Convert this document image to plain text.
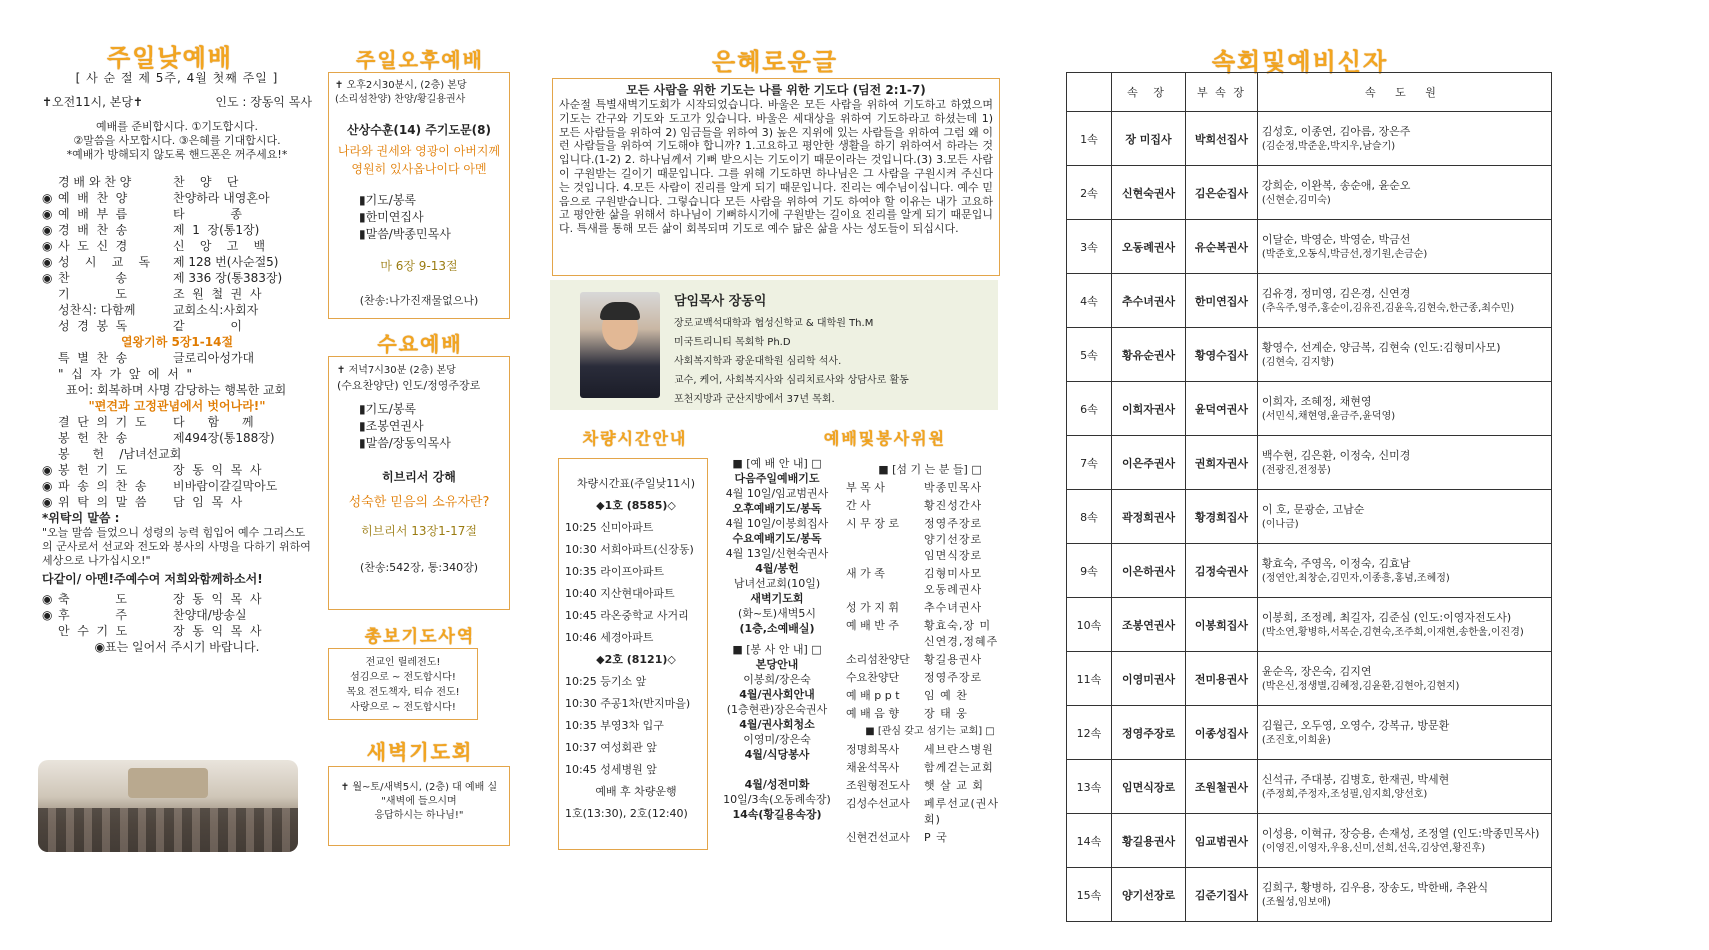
주일낮예배
[ 사 순 절 제 5주, 4월 첫째 주일 ]
✝오전11시, 본당✝	인도 : 장동익 목사
예배를 준비합시다. ①기도합시다.
②말씀을 사모합시다. ③은혜를 기대합시다.
*예배가 방해되지 않도록 핸드폰은 꺼주세요!*
경 배 와 찬 양	찬    양    단
◉ 예  배  찬  양	찬양하라 내영혼아
◉ 예  배  부  름	타            종
◉ 경  배  찬  송	제  1  장(통1장)
◉ 사  도  신  경	신    앙    고    백
◉ 성    시    교    독	제 128 번(사순절5)
◉ 찬            송	제 336 장(통383장)
기            도	조  원  철  권  사
성찬식: 다함께	교회소식:사회자
성  경  봉  독	같            이
열왕기하 5장1-14절
특  별  찬  송	글로리아성가대
"  십  자  가  앞  에  서  "
표어: 회복하며 사명 감당하는 행복한 교회
"편견과 고정관념에서 벗어나라!"
결  단  의  기  도	다      함      께
봉  헌  찬  송	제494장(통188장)
봉      헌    /남녀선교회
◉ 봉  헌  기  도	장  동  익  목  사
◉ 파  송  의  찬  송	비바람이갈길막아도
◉ 위  탁  의  말  씀	담  임  목  사
*위탁의 말씀 :
"오늘 말씀 들었으니 성령의 능력 힘입어 예수 그리스도의 군사로서 선교와 전도와 봉사의 사명을 다하기 위하여 세상으로 나가십시오!"
다같이/ 아멘!주예수여 저희와함께하소서!
◉ 축            도	장  동  익  목  사
◉ 후            주	찬양대/방송실
안  수  기  도	장  동  익  목  사
◉표는 일어서 주시기 바랍니다.
주일오후예배
✝ 오후2시30분시, (2층) 본당
(소리섬찬양) 찬양/황길용권사
산상수훈(14) 주기도문(8)
나라와 권세와 영광이 아버지께 영원히 있사옵나이다 아멘
▮기도/봉록
▮한미연집사
▮말씀/박종민목사
마 6장 9-13절
(찬송:나가진재물없으나)
수요예배
✝ 저녁7시30분 (2층) 본당
(수요찬양단) 인도/정영주장로
▮기도/봉록
▮조봉연권사
▮말씀/장동익목사
히브리서 강해
성숙한 믿음의 소유자란?
히브리서 13장1-17절
(찬송:542장, 통:340장)
총보기도사역
전교인 릴레전도!
섬김으로 ~ 전도합시다!
목요 전도책자, 티슈 전도!
사랑으로 ~ 전도합시다!
새벽기도회
✝ 월~토/새벽5시, (2층) 대 예배 실
"새벽에 들으시며
응답하시는 하나님!"
은혜로운글
모든 사람을 위한 기도는 나를 위한 기도다 (딤전 2:1-7)
사순절 특별새벽기도회가 시작되었습니다. 바울은 모든 사람을 위하여 기도하고 하였으며 기도는 간구와 기도와 도고가 있습니다. 바울은 세대상을 위하여 기도하라고 하셨는데 1) 모든 사람들을 위하여 2) 임금들을 위하여 3) 높은 지위에 있는 사람들을 위하여 그럼 왜 이런 사람들을 위하여 기도해야 합니까? 1.고요하고 평안한 생활을 하기 위하여서 하라는 것입니다.(1-2) 2. 하나님께서 기뻐 받으시는 기도이기 때문이라는 것입니다.(3) 3.모든 사람이 구원받는 길이기 때문입니다. 그를 위해 기도하면 하나님은 그 사람을 구원시켜 주신다는 것입니다. 4.모든 사람이 진리를 알게 되기 때문입니다. 진리는 예수님이십니다. 예수 믿음으로 구원받습니다. 그렇습니다 모든 사람을 위하여 기도 하여야 할 이유는 내가 고요하고 평안한 삶을 위해서 하나님이 기뻐하시기에 구원받는 길이요 진리를 알게 되기 때문입니다. 특새를 통해 모든 삶이 회복되며 기도로 예수 닮은 삶을 사는 성도들이 되십시다.
담임목사 장동익
장로교백석대학과 협성신학교 & 대학원 Th.M
미국트리니티 목회학 Ph.D
사회복지학과 광운대학원 심리학 석사.
교수, 케어, 사회복지사와 심리치료사와 상담사로 활동
포천지방과 군산지방에서 37년 목회.
차량시간안내
차량시간표(주일낮11시)
◆1호 (8585)◇
10:25 신미아파트
10:30 서희아파트(신장동)
10:35 라이프아파트
10:40 지산현대아파트
10:45 라온중학교 사거리
10:46 세경아파트
◆2호 (8121)◇
10:25 등기소 앞
10:30 주공1차(반지마을)
10:35 부영3차 입구
10:37 여성회관 앞
10:45 성세병원 앞
예배 후 차량운행
1호(13:30), 2호(12:40)
예배및봉사위원
■ [예 배 안 내] □
다음주일예배기도
4월 10일/임교범권사
오후예배기도/봉독
4월 10일/이봉희집사
수요예배기도/봉독
4월 13일/신현숙권사
4월/봉헌
남녀선교회(10일)
새벽기도회
(화~토)새벽5시
(1층,소예배실)
■ [봉 사 안 내] □
본당안내
이봉희/장은숙
4월/권사회안내
(1층현관)장은숙권사
4월/권사회청소
이영미/장은숙
4월/식당봉사
4월/성전미화
10일/3속(오동례속장)
14속(황길용속장)
■ [섬 기 는 분 들] □
부 목 사	박종민목사
간 사	황진성간사
시 무 장 로	정영주장로
양기선장로
임면식장로
새 가 족	김형미사모
오동례권사
성 가 지 휘	추수녀권사
예 배 반 주	황효숙,장 미
신연경,정혜주
소리섬찬양단	황길용권사
수요찬양단	정영주장로
예 배 p p t	임 예 찬
예 배 음 향	장 태 웅
■ [관심 갖고 섬기는 교회] □
정명희목사	세브란스병원
채윤석목사	함께걷는교회
조원형전도사	햇 살 교 회
김성수선교사	페루선교(권사회)
신현건선교사	P 국
속회및예비신자
	속 장	부 속 장	속 도 원
1속	장 미집사	박희선집사	김성호, 이종연, 김아름, 장은주
(김순정,박준운,박지우,남슬기)

2속	신현숙권사	김은순집사	강희순, 이완복, 송순애, 윤순오
(신현순,김미숙)

3속	오동례권사	유순복권사	이달순, 박영순, 박영순, 박금선
(박준호,오동식,박금선,정기원,손금순)

4속	추수녀권사	한미연집사	김유경, 정미영, 김은경, 신연경
(추옥주,영주,홍순이,김유진,김윤옥,김현숙,한근종,최수민)

5속	황유순권사	황영수집사	황영수, 선계순, 양금복, 김현숙 (인도:김형미사모)
(김현숙, 김지향)

6속	이희자권사	윤덕여권사	이희자, 조혜정, 채현영
(서민식,채현영,윤금주,윤덕영)

7속	이은주권사	권희자권사	백수현, 김은환, 이정숙, 신미경
(전광진,전정봉)

8속	곽정희권사	황경희집사	이 호, 문광순, 고남순
(이나금)

9속	이은하권사	김정숙권사	황효숙, 주영옥, 이정숙, 김효남
(정연안,최창순,김민자,이종흥,홍념,조혜정)

10속	조봉연권사	이봉희집사	이봉희, 조정례, 최길자, 김준심 (인도:이영자전도사)
(박소연,황병하,서목순,김현숙,조주희,이재현,송한울,이진경)

11속	이영미권사	전미용권사	윤순옥, 장은숙, 김지연
(박은신,정생별,김혜정,김윤환,김현아,김현지)

12속	정영주장로	이종성집사	김월근, 오두영, 오영수, 강복규, 방문환
(조진호,이희윤)

13속	임면식장로	조원철권사	신석규, 주대봉, 김병호, 한재권, 박세현
(주정희,주정자,조성필,임지희,양선호)

14속	황길용권사	임교범권사	이성용, 이혁규, 장승용, 손재성, 조정열 (인도:박종민목사)
(이영진,이영자,우용,신미,선희,선옥,김상연,황진후)

15속	양기선장로	김준기집사	김희구, 황병하, 김우용, 장송도, 박한배, 추완식
(조월성,임보애)
